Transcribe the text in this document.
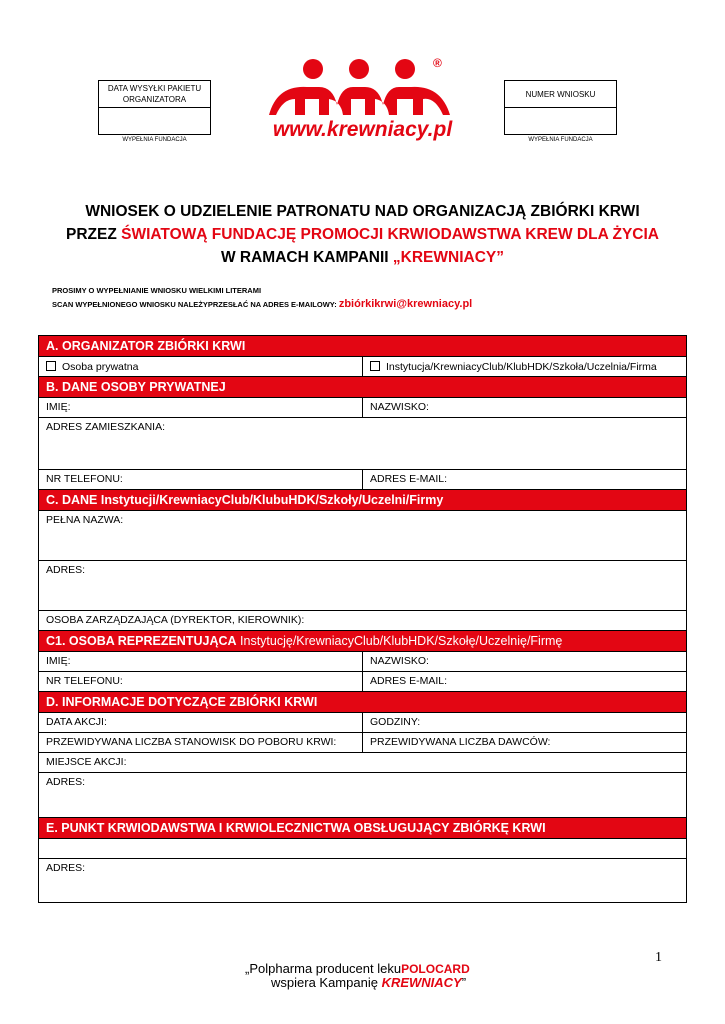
DATA WYSYŁKI PAKIETU ORGANIZATORA
WYPEŁNIA FUNDACJA
NUMER WNIOSKU
WYPEŁNIA FUNDACJA
®
www.krewniacy.pl
WNIOSEK O UDZIELENIE PATRONATU NAD ORGANIZACJĄ ZBIÓRKI KRWI
PRZEZ ŚWIATOWĄ FUNDACJĘ PROMOCJI KRWIODAWSTWA KREW DLA ŻYCIA
W RAMACH KAMPANII „KREWNIACY”
PROSIMY O WYPEŁNIANIE WNIOSKU WIELKIMI LITERAMI
SCAN WYPEŁNIONEGO WNIOSKU NALEŻYPRZESŁAĆ NA ADRES E-MAILOWY: zbiórkikrwi@krewniacy.pl
A. ORGANIZATOR ZBIÓRKI KRWI
Osoba prywatna	Instytucja/KrewniacyClub/KlubHDK/Szkoła/Uczelnia/Firma
B. DANE OSOBY PRYWATNEJ
IMIĘ:	NAZWISKO:
ADRES ZAMIESZKANIA:
NR TELEFONU:	ADRES E-MAIL:
C. DANE Instytucji/KrewniacyClub/KlubuHDK/Szkoły/Uczelni/Firmy
PEŁNA NAZWA:
ADRES:
OSOBA ZARZĄDZAJĄCA (DYREKTOR, KIEROWNIK):
C1. OSOBA REPREZENTUJĄCA Instytucję/KrewniacyClub/KlubHDK/Szkołę/Uczelnię/Firmę
IMIĘ:	NAZWISKO:
NR TELEFONU:	ADRES E-MAIL:
D. INFORMACJE DOTYCZĄCE ZBIÓRKI KRWI
DATA AKCJI:	GODZINY:
PRZEWIDYWANA LICZBA STANOWISK DO POBORU KRWI:	PRZEWIDYWANA LICZBA DAWCÓW:
MIEJSCE AKCJI:
ADRES:
E. PUNKT KRWIODAWSTWA I KRWIOLECZNICTWA OBSŁUGUJĄCY ZBIÓRKĘ KRWI
ADRES:
1
„Polpharma producent lekuPOLOCARD
wspiera Kampanię KREWNIACY”
